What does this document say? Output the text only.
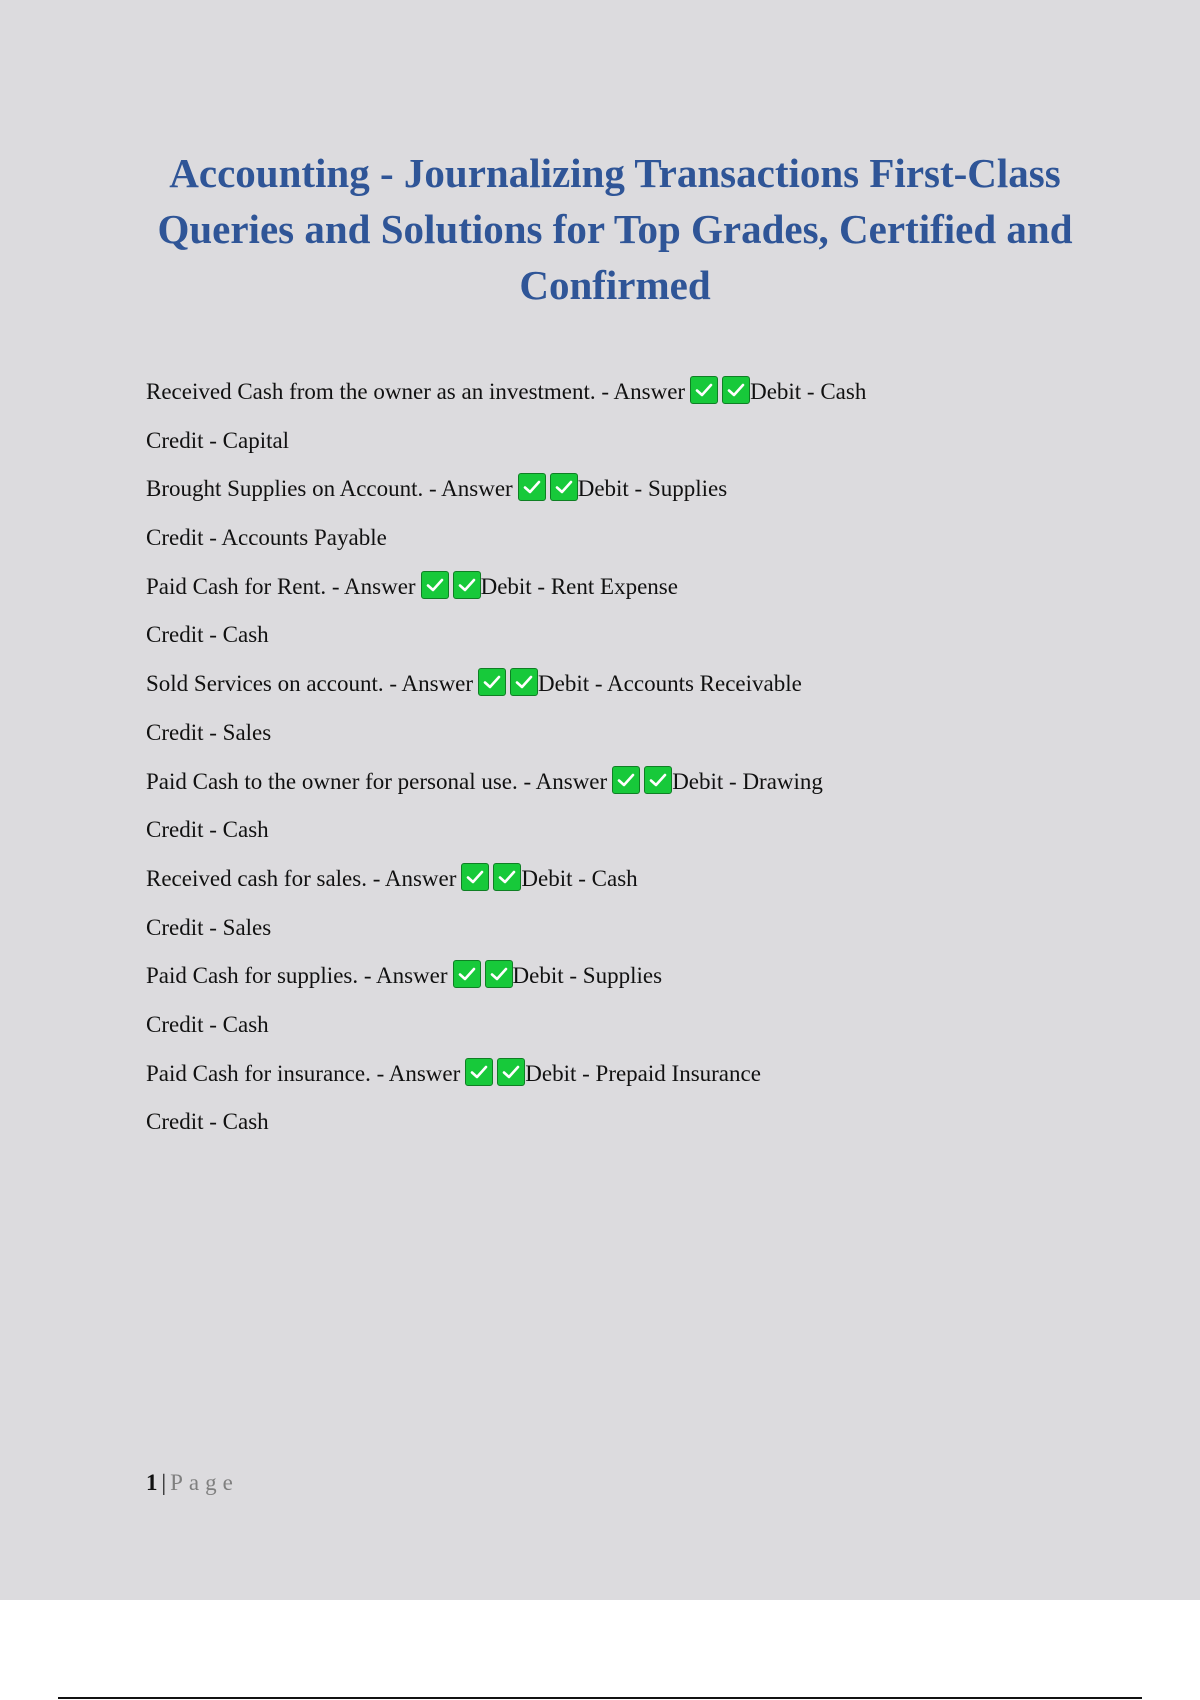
Accounting - Journalizing Transactions First-Class Queries and Solutions for Top Grades, Certified and Confirmed
Received Cash from the owner as an investment. - Answer	Debit - Cash
Credit - Capital
Brought Supplies on Account. - Answer	Debit - Supplies
Credit - Accounts Payable
Paid Cash for Rent. - Answer	Debit - Rent Expense
Credit - Cash
Sold Services on account. - Answer	Debit - Accounts Receivable
Credit - Sales
Paid Cash to the owner for personal use. - Answer	Debit - Drawing
Credit - Cash
Received cash for sales. - Answer	Debit - Cash
Credit - Sales
Paid Cash for supplies. - Answer	Debit - Supplies
Credit - Cash
Paid Cash for insurance. - Answer	Debit - Prepaid Insurance
Credit - Cash
1 | Page
